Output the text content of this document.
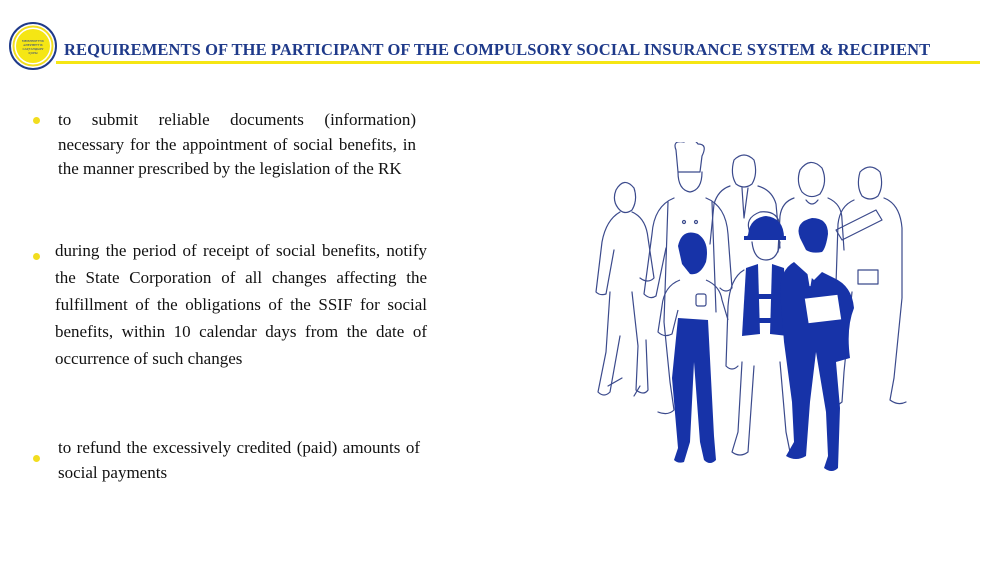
МЕМЛЕКЕТТІК
ӘЛЕУМЕТТІК
САҚТАНДЫРУ
ҚОРЫ REQUIREMENTS OF THE PARTICIPANT OF THE COMPULSORY SOCIAL INSURANCE SYSTEM & RECIPIENT

to submit reliable documents (information) necessary for the appointment of social benefits, in the manner prescribed by the legislation of the RK

during the period of receipt of social benefits, notify the State Corporation of all changes affecting the fulfillment of the obligations of the SSIF for social benefits, within 10 calendar days from the date of occurrence of such changes

to refund the excessively credited (paid) amounts of social payments
